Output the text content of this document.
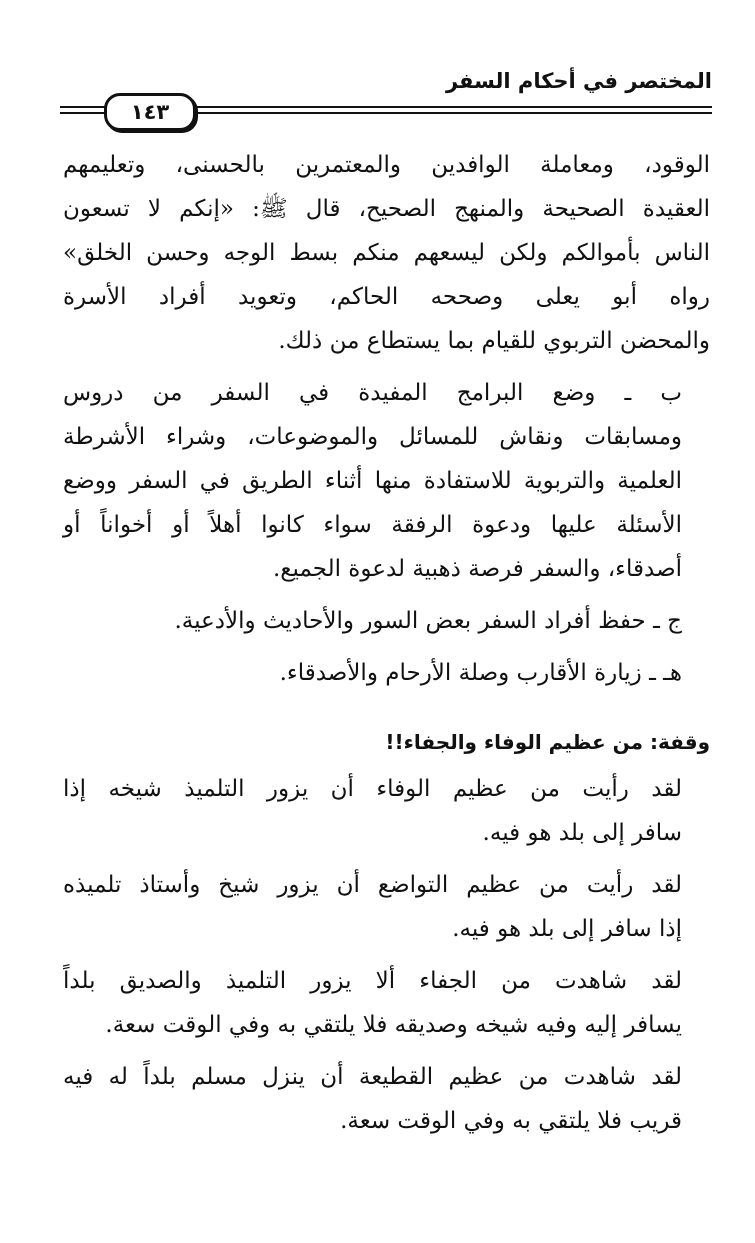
المختصر في أحكام السفر
١٤٣

الوقود، ومعاملة الوافدين والمعتمرين بالحسنى، وتعليمهم
العقيدة الصحيحة والمنهج الصحيح، قال ﷺ: «إنكم لا تسعون
الناس بأموالكم ولكن ليسعهم منكم بسط الوجه وحسن الخلق»
رواه أبو يعلى وصححه الحاكم، وتعويد أفراد الأسرة
والمحضن التربوي للقيام بما يستطاع من ذلك.

ب ـ وضع البرامج المفيدة في السفر من دروس
ومسابقات ونقاش للمسائل والموضوعات، وشراء الأشرطة
العلمية والتربوية للاستفادة منها أثناء الطريق في السفر ووضع
الأسئلة عليها ودعوة الرفقة سواء كانوا أهلاً أو أخواناً أو
أصدقاء، والسفر فرصة ذهبية لدعوة الجميع.

ج ـ حفظ أفراد السفر بعض السور والأحاديث والأدعية.

هـ ـ زيارة الأقارب وصلة الأرحام والأصدقاء.

وقفة: من عظيم الوفاء والجفاء!!

لقد رأيت من عظيم الوفاء أن يزور التلميذ شيخه إذا
سافر إلى بلد هو فيه.

لقد رأيت من عظيم التواضع أن يزور شيخ وأستاذ تلميذه
إذا سافر إلى بلد هو فيه.

لقد شاهدت من الجفاء ألا يزور التلميذ والصديق بلداً
يسافر إليه وفيه شيخه وصديقه فلا يلتقي به وفي الوقت سعة.

لقد شاهدت من عظيم القطيعة أن ينزل مسلم بلداً له فيه
قريب فلا يلتقي به وفي الوقت سعة.
